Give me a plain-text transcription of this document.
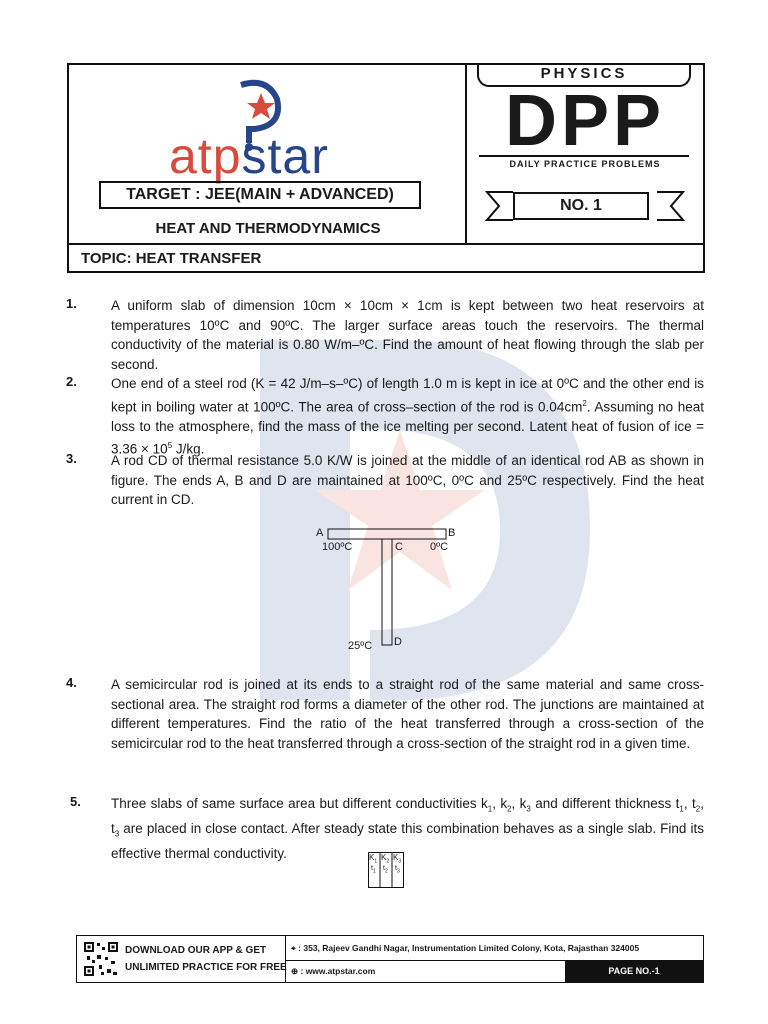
atpstar
TARGET : JEE(MAIN + ADVANCED)
HEAT AND THERMODYNAMICS
PHYSICS
DPP
DAILY PRACTICE PROBLEMS
NO. 1
TOPIC: HEAT TRANSFER
1.	A uniform slab of dimension 10cm × 10cm × 1cm is kept between two heat reservoirs at temperatures 10ºC and 90ºC. The larger surface areas touch the reservoirs. The thermal conductivity of the material is 0.80 W/m–ºC. Find the amount of heat flowing through the slab per second.
2.	One end of a steel rod (K = 42 J/m–s–ºC) of length 1.0 m is kept in ice at 0ºC and the other end is kept in boiling water at 100ºC. The area of cross–section of the rod is $0.04cm^2$. Assuming no heat loss to the atmosphere, find the mass of the ice melting per second. Latent heat of fusion of ice = $3.36 \times 10^5$ J/kg.
3.	A rod CD of thermal resistance 5.0 K/W is joined at the middle of an identical rod AB as shown in figure. The ends A, B and D are maintained at 100ºC, 0ºC and 25ºC respectively. Find the heat current in CD.
A	B
100ºC	C 0ºC
25ºC D
4.	A semicircular rod is joined at its ends to a straight rod of the same material and same cross-sectional area. The straight rod forms a diameter of the other rod. The junctions are maintained at different temperatures. Find the ratio of the heat transferred through a cross-section of the semicircular rod to the heat transferred through a cross-section of the straight rod in a given time.
5. Three slabs of same surface area but different conductivities $k_1$, $k_2$, $k_3$ and different thickness $t_1$, $t_2$, $t_3$ are placed in close contact. After steady state this combination behaves as a single slab. Find its effective thermal conductivity.	$K_1$ $K_2$ $K_3$
$t_1$ $t_2$ $t_3$
DOWNLOAD OUR APP & GET
UNLIMITED PRACTICE FOR FREE
⌖ : 353, Rajeev Gandhi Nagar, Instrumentation Limited Colony, Kota, Rajasthan 324005
⊕ : www.atpstar.com	PAGE NO.-1
